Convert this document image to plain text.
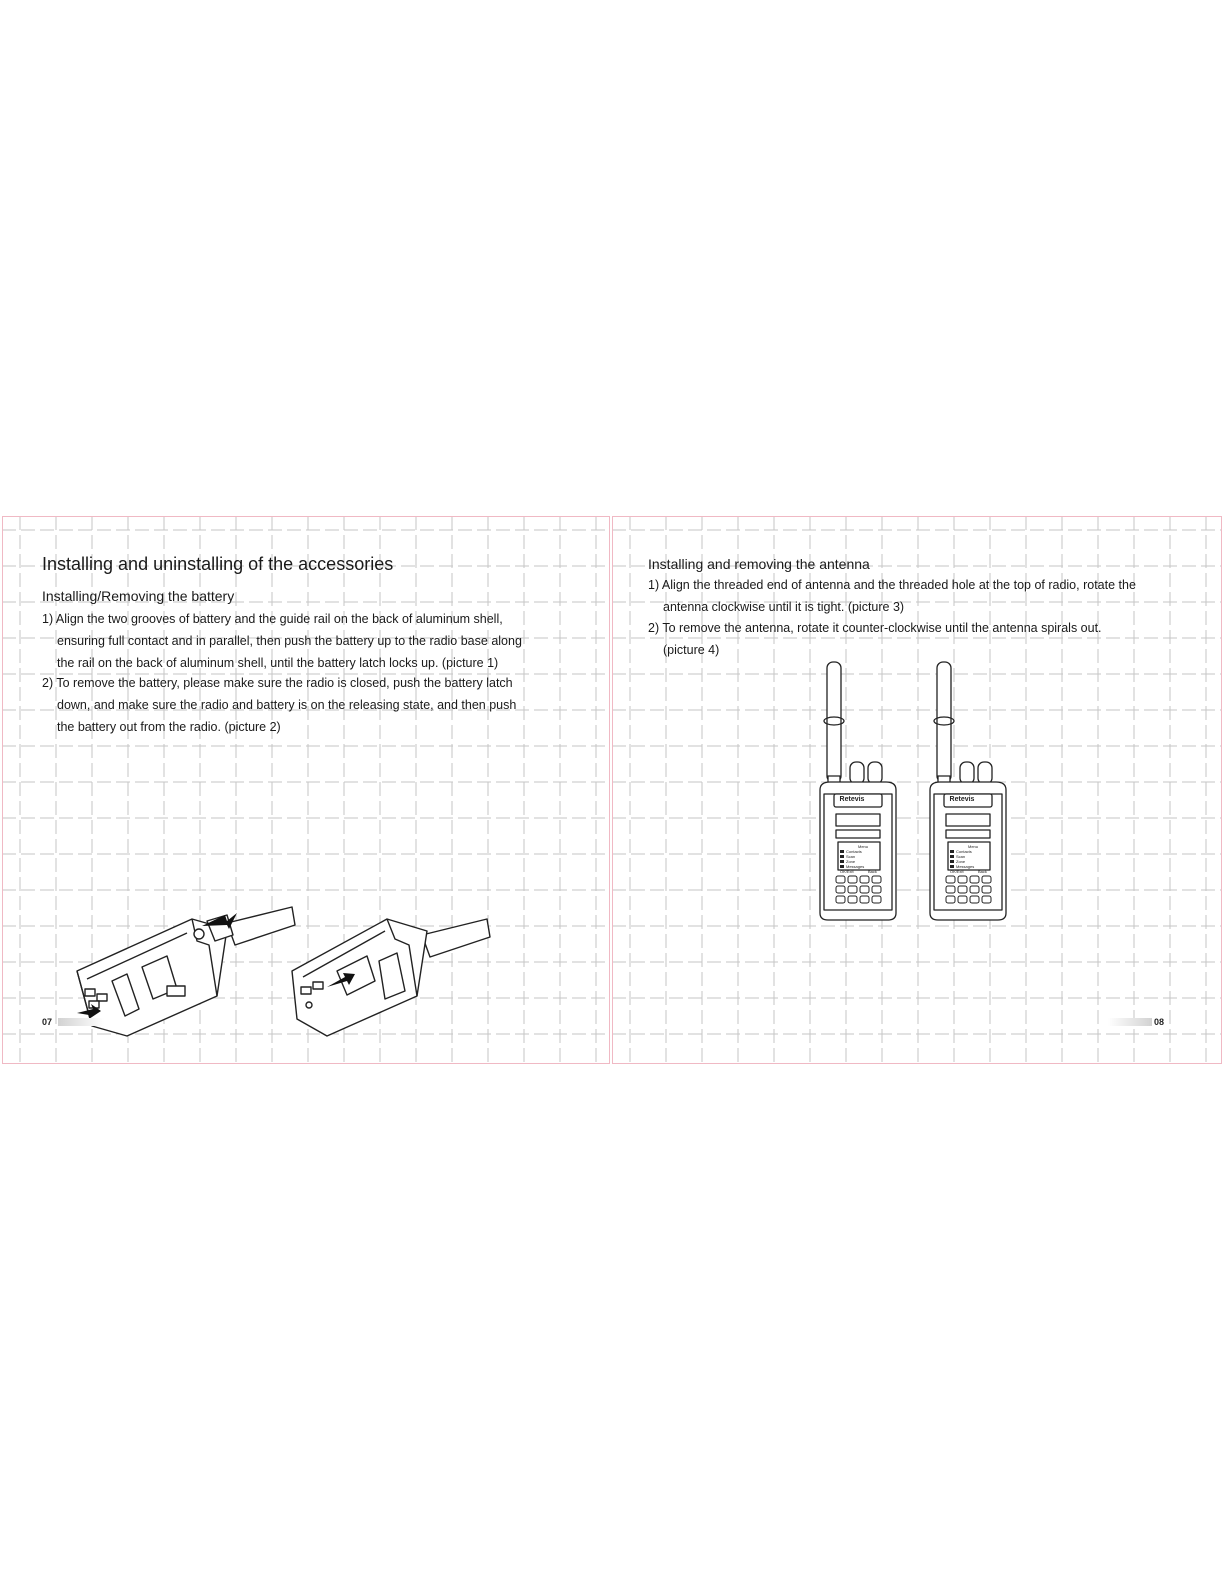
Installing and uninstalling of the accessories
Installing/Removing the battery
1) Align the two grooves of battery and the guide rail on the back of aluminum shell,
ensuring full contact and in parallel, then push the battery up to the radio base along
the rail on the back of aluminum shell, until the battery latch locks up. (picture 1)
2) To remove the battery, please make sure the radio is closed, push the battery latch
down, and make sure the radio and battery is on the releasing state, and then push
the battery out from the radio. (picture 2)
07
Installing and removing the antenna
1) Align the threaded end of antenna and the threaded hole at the top of radio, rotate the
antenna clockwise until it is tight. (picture 3)
2) To remove the antenna, rotate it counter-clockwise until the antenna spirals out.
(picture 4)
Retevis	Retevis
08
